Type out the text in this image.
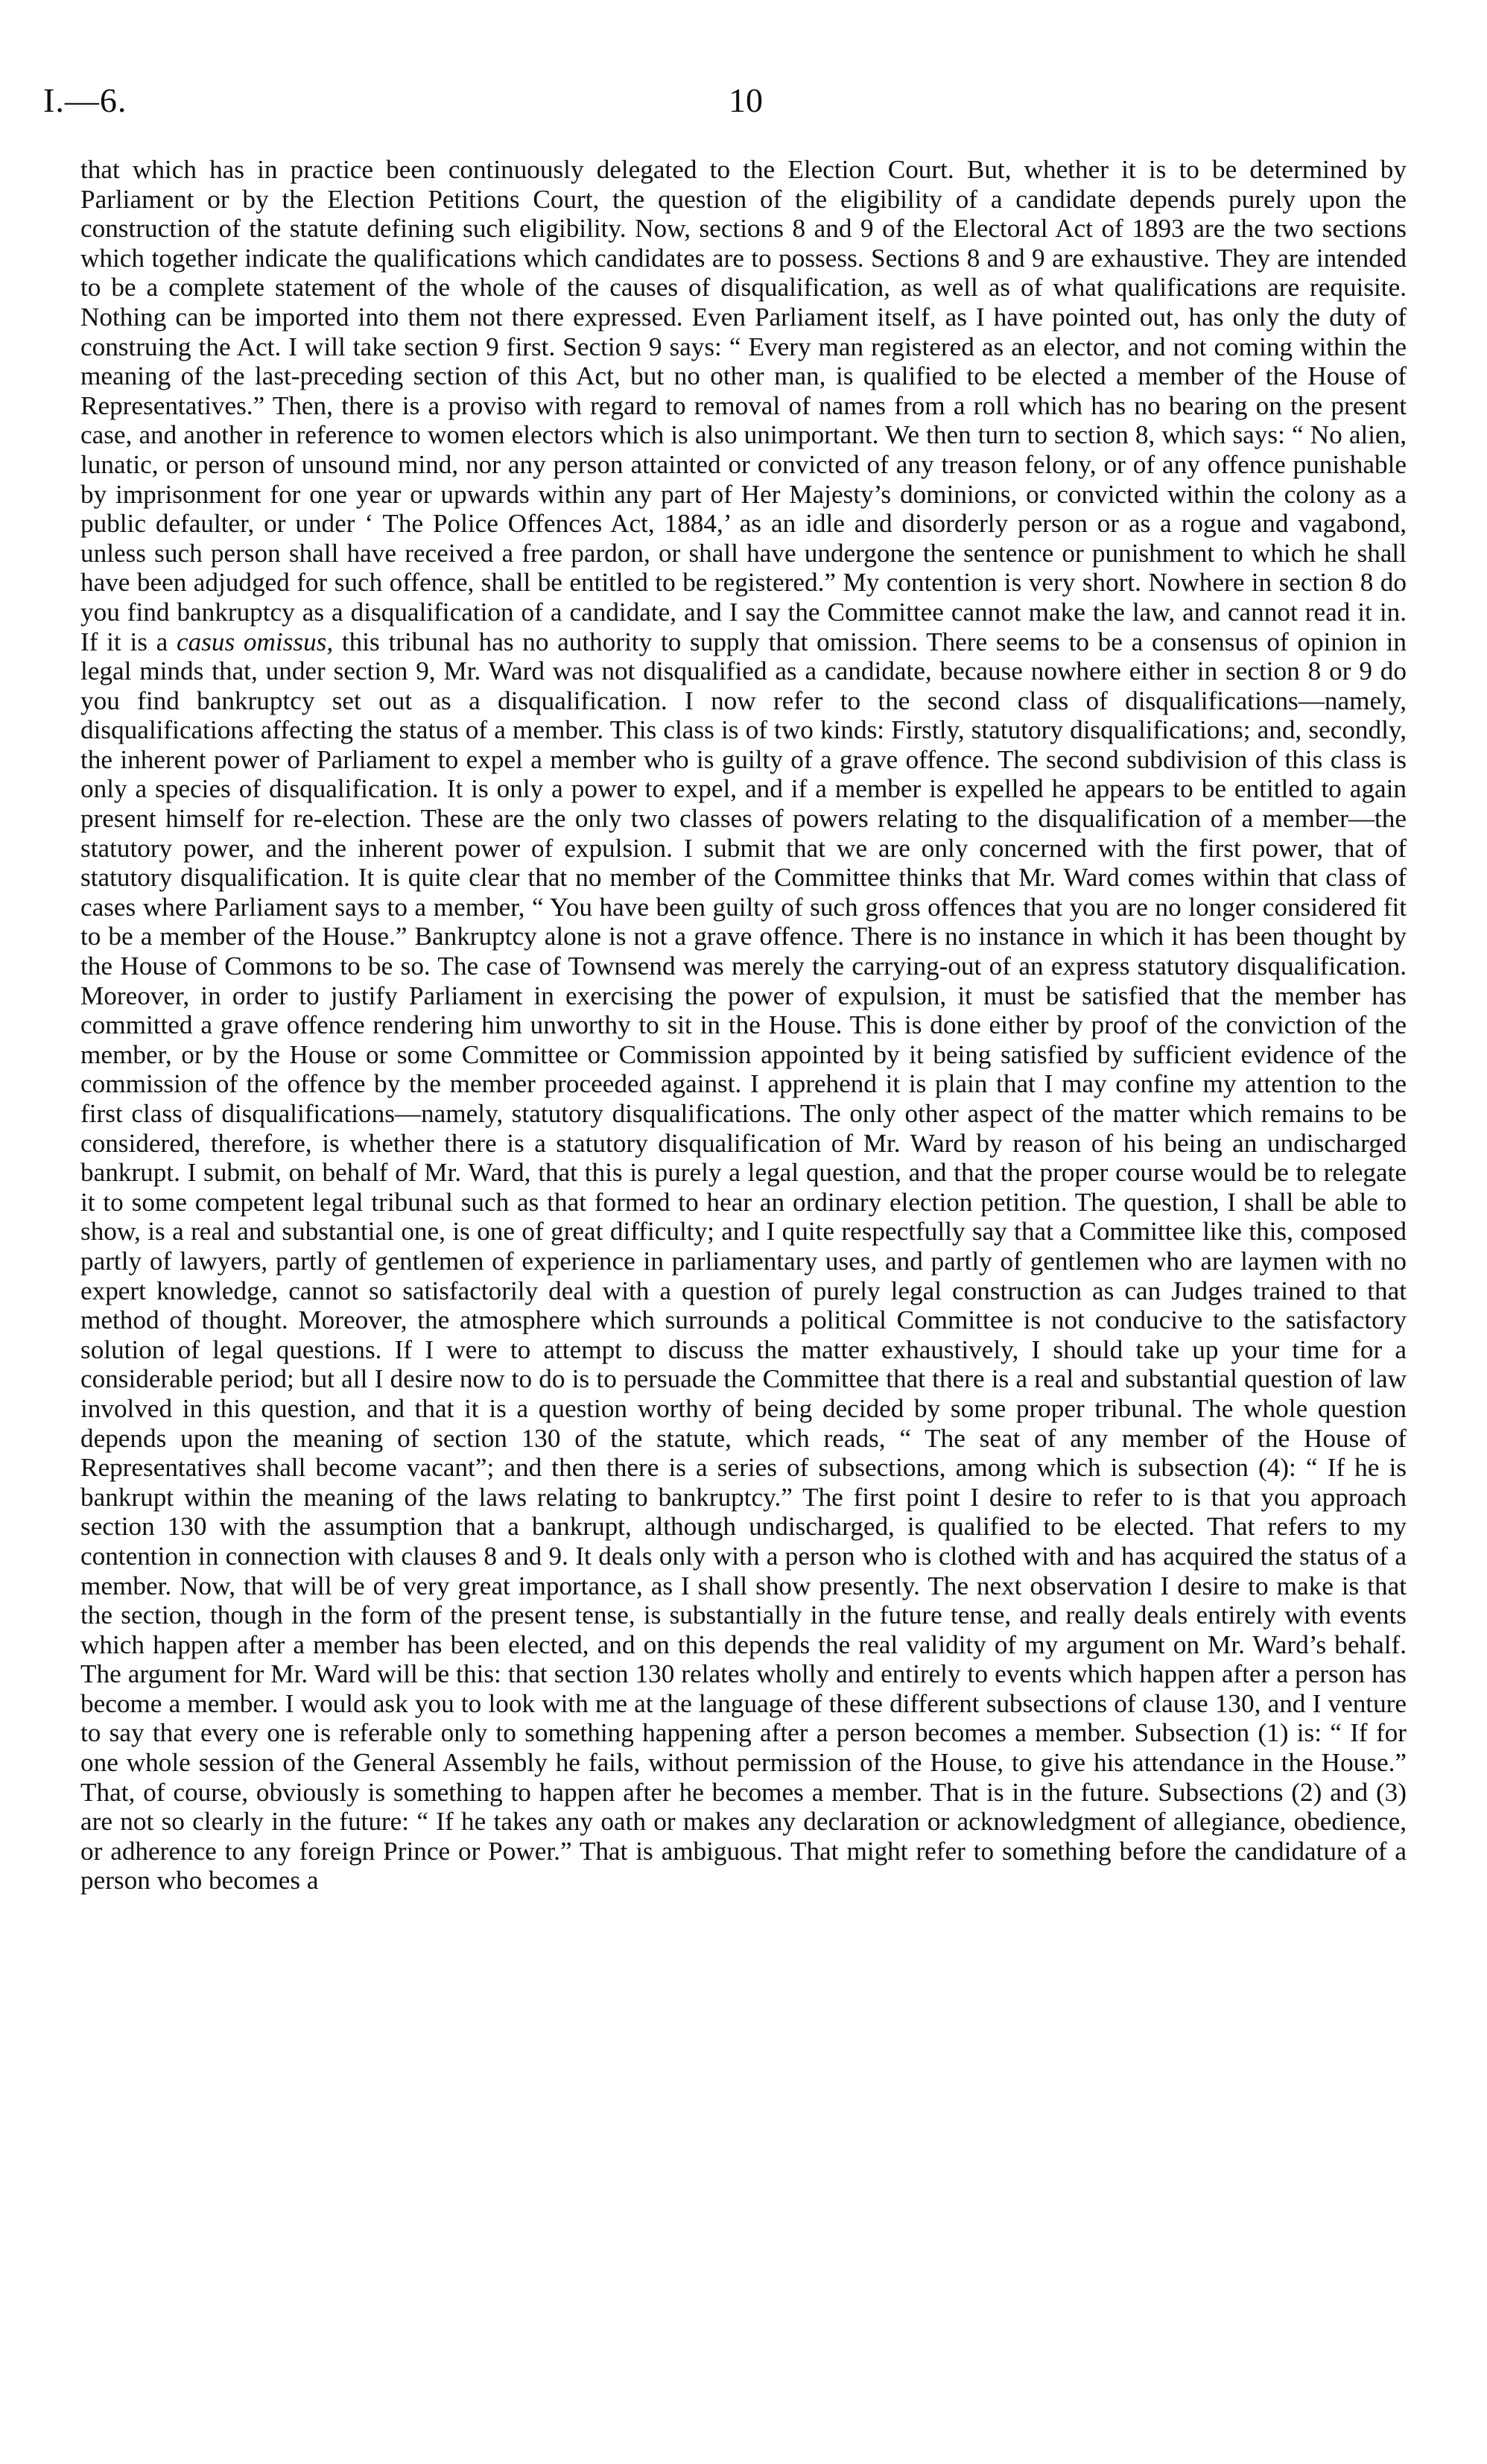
I.—6.	10

that which has in practice been continuously delegated to the Election Court. But, whether it is to be determined by Parliament or by the Election Petitions Court, the question of the eligibility of a candidate depends purely upon the construction of the statute defining such eligibility. Now, sections 8 and 9 of the Electoral Act of 1893 are the two sections which together indicate the qualifications which candidates are to possess. Sections 8 and 9 are exhaustive. They are intended to be a complete statement of the whole of the causes of disqualification, as well as of what qualifications are requisite. Nothing can be imported into them not there expressed. Even Parliament itself, as I have pointed out, has only the duty of construing the Act. I will take section 9 first. Section 9 says: “ Every man registered as an elector, and not coming within the meaning of the last-preceding section of this Act, but no other man, is qualified to be elected a member of the House of Representatives.” Then, there is a proviso with regard to removal of names from a roll which has no bearing on the present case, and another in reference to women electors which is also unimportant. We then turn to section 8, which says: “ No alien, lunatic, or person of unsound mind, nor any person attainted or convicted of any treason felony, or of any offence punishable by imprisonment for one year or upwards within any part of Her Majesty’s dominions, or convicted within the colony as a public defaulter, or under ‘ The Police Offences Act, 1884,’ as an idle and disorderly person or as a rogue and vagabond, unless such person shall have received a free pardon, or shall have undergone the sentence or punishment to which he shall have been adjudged for such offence, shall be entitled to be registered.” My contention is very short. Nowhere in section 8 do you find bankruptcy as a disqualification of a candidate, and I say the Committee cannot make the law, and cannot read it in. If it is a casus omissus, this tribunal has no authority to supply that omission. There seems to be a consensus of opinion in legal minds that, under section 9, Mr. Ward was not disqualified as a candidate, because nowhere either in section 8 or 9 do you find bankruptcy set out as a disqualification. I now refer to the second class of disqualifications—namely, disqualifications affecting the status of a member. This class is of two kinds: Firstly, statutory disqualifications; and, secondly, the inherent power of Parliament to expel a member who is guilty of a grave offence. The second subdivision of this class is only a species of disqualification. It is only a power to expel, and if a member is expelled he appears to be entitled to again present himself for re-election. These are the only two classes of powers relating to the disqualification of a member—the statutory power, and the inherent power of expulsion. I submit that we are only concerned with the first power, that of statutory disqualification. It is quite clear that no member of the Committee thinks that Mr. Ward comes within that class of cases where Parliament says to a member, “ You have been guilty of such gross offences that you are no longer considered fit to be a member of the House.” Bankruptcy alone is not a grave offence. There is no instance in which it has been thought by the House of Commons to be so. The case of Townsend was merely the carrying-out of an express statutory disqualification. Moreover, in order to justify Parliament in exercising the power of expulsion, it must be satisfied that the member has committed a grave offence rendering him unworthy to sit in the House. This is done either by proof of the conviction of the member, or by the House or some Committee or Commission appointed by it being satisfied by sufficient evidence of the commission of the offence by the member proceeded against. I apprehend it is plain that I may confine my attention to the first class of disqualifications—namely, statutory disqualifications. The only other aspect of the matter which remains to be considered, therefore, is whether there is a statutory disqualification of Mr. Ward by reason of his being an undischarged bankrupt. I submit, on behalf of Mr. Ward, that this is purely a legal question, and that the proper course would be to relegate it to some competent legal tribunal such as that formed to hear an ordinary election petition. The question, I shall be able to show, is a real and substantial one, is one of great difficulty; and I quite respectfully say that a Committee like this, composed partly of lawyers, partly of gentlemen of experience in parliamentary uses, and partly of gentlemen who are laymen with no expert knowledge, cannot so satisfactorily deal with a question of purely legal construction as can Judges trained to that method of thought. Moreover, the atmosphere which surrounds a political Committee is not conducive to the satisfactory solution of legal questions. If I were to attempt to discuss the matter exhaustively, I should take up your time for a considerable period; but all I desire now to do is to persuade the Committee that there is a real and substantial question of law involved in this question, and that it is a question worthy of being decided by some proper tribunal. The whole question depends upon the meaning of section 130 of the statute, which reads, “ The seat of any member of the House of Representatives shall become vacant”; and then there is a series of subsections, among which is subsection (4): “ If he is bankrupt within the meaning of the laws relating to bankruptcy.” The first point I desire to refer to is that you approach section 130 with the assumption that a bankrupt, although undischarged, is qualified to be elected. That refers to my contention in connection with clauses 8 and 9. It deals only with a person who is clothed with and has acquired the status of a member. Now, that will be of very great importance, as I shall show presently. The next observation I desire to make is that the section, though in the form of the present tense, is substantially in the future tense, and really deals entirely with events which happen after a member has been elected, and on this depends the real validity of my argument on Mr. Ward’s behalf. The argument for Mr. Ward will be this: that section 130 relates wholly and entirely to events which happen after a person has become a member. I would ask you to look with me at the language of these different subsections of clause 130, and I venture to say that every one is referable only to something happening after a person becomes a member. Subsection (1) is: “ If for one whole session of the General Assembly he fails, without permission of the House, to give his attendance in the House.” That, of course, obviously is something to happen after he becomes a member. That is in the future. Subsections (2) and (3) are not so clearly in the future: “ If he takes any oath or makes any declaration or acknowledgment of allegiance, obedience, or adherence to any foreign Prince or Power.” That is ambiguous. That might refer to something before the candidature of a person who becomes a
